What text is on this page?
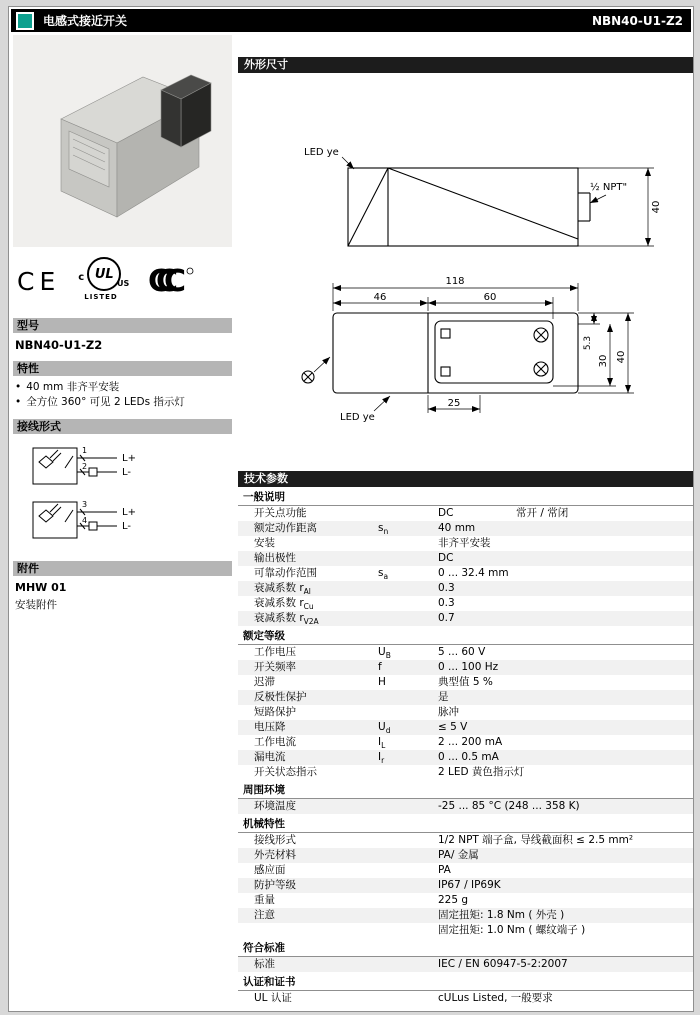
电感式接近开关	NBN40-U1-Z2
CE c UL
US
LISTED CCC
型号
NBN40-U1-Z2
特性
• 40 mm 非齐平安装
• 全方位 360° 可见 2 LEDs 指示灯
接线形式
1
2
3
4
L+
L-
L+
L-
附件
MHW 01
安装附件
外形尺寸
LED ye
½ NPT"
40
118
46	60
5.3
30 40
25
LED ye
技术参数
一般说明
开关点功能	DC	常开 / 常闭
额定动作距离	$s_n$	40 mm
安装	非齐平安装
输出极性	DC
可靠动作范围	$s_a$	0 ... 32.4 mm
衰减系数 $r_{Al}$	0.3
衰减系数 $r_{Cu}$	0.3
衰减系数 $r_{V2A}$	0.7
额定等级
工作电压	$U_B$	5 ... 60 V
开关频率	f	0 ... 100 Hz
迟滞	H	典型值 5 %
反极性保护	是
短路保护	脉冲
电压降	$U_d$	≤ 5 V
工作电流	$I_L$	2 ... 200 mA
漏电流	$I_r$	0 ... 0.5 mA
开关状态指示	2 LED 黄色指示灯
周围环境
环境温度	-25 ... 85 °C (248 ... 358 K)
机械特性
接线形式	1/2 NPT 端子盒, 导线截面积 ≤ 2.5 mm²
外壳材料	PA/ 金属
感应面	PA
防护等级	IP67 / IP69K
重量	225 g
注意	固定扭矩: 1.8 Nm ( 外壳 )
固定扭矩: 1.0 Nm ( 螺纹端子 )
符合标准
标准	IEC / EN 60947-5-2:2007
认证和证书
UL 认证	cULus Listed, 一般要求
